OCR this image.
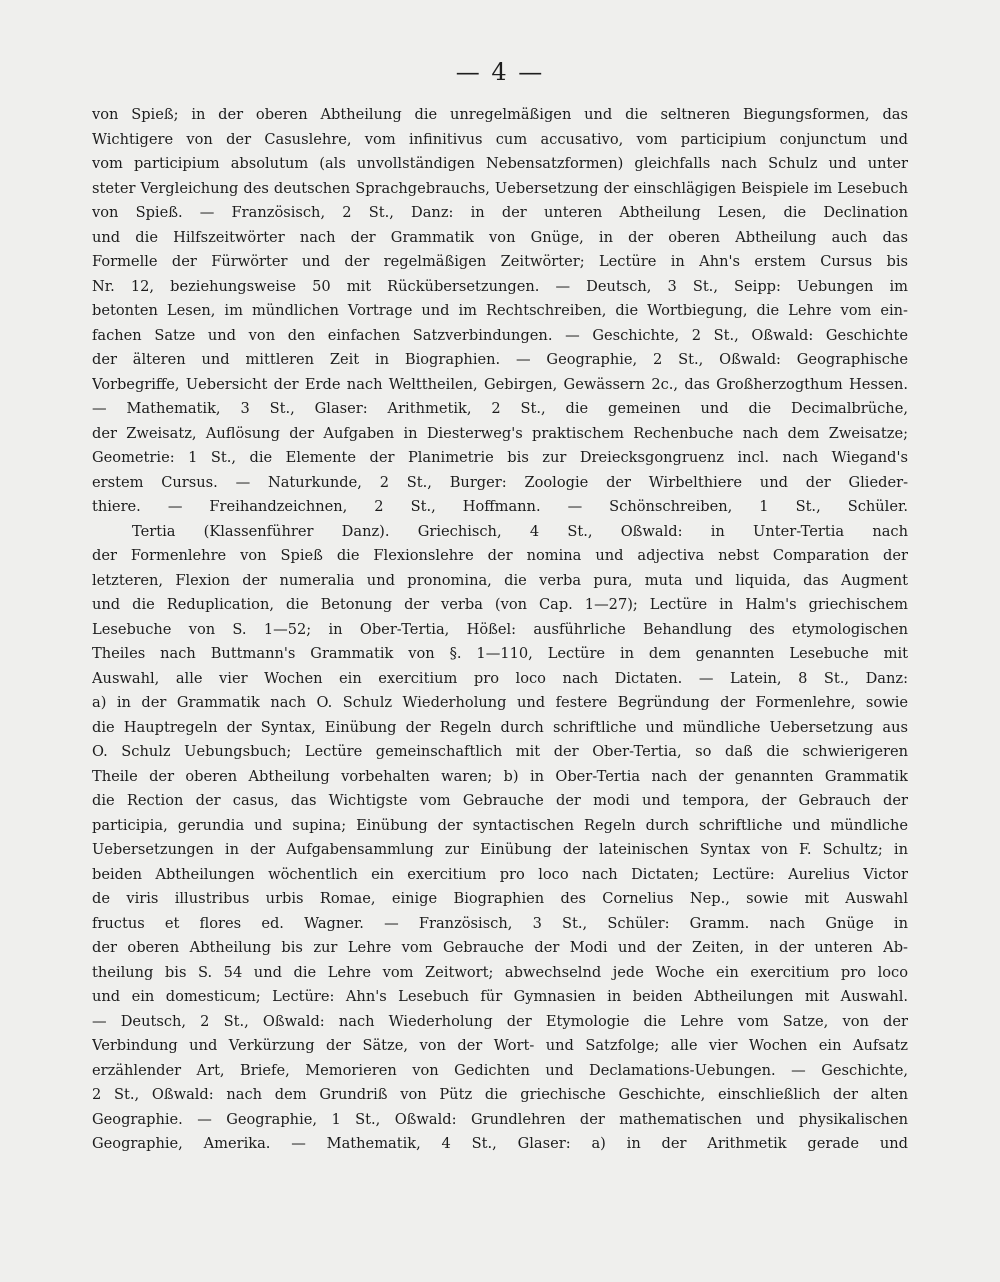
— 4 —
von Spieß; in der oberen Abtheilung die unregelmäßigen und die seltneren Biegungsformen, das
Wichtigere von der Casuslehre, vom infinitivus cum accusativo, vom participium conjunctum und
vom participium absolutum (als unvollständigen Nebensatzformen) gleichfalls nach Schulz und unter
steter Vergleichung des deutschen Sprachgebrauchs, Uebersetzung der einschlägigen Beispiele im Lesebuch
von Spieß. — Französisch, 2 St., Danz: in der unteren Abtheilung Lesen, die Declination
und die Hilfszeitwörter nach der Grammatik von Gnüge, in der oberen Abtheilung auch das
Formelle der Fürwörter und der regelmäßigen Zeitwörter; Lectüre in Ahn's erstem Cursus bis
Nr. 12, beziehungsweise 50 mit Rückübersetzungen. — Deutsch, 3 St., Seipp: Uebungen im
betonten Lesen, im mündlichen Vortrage und im Rechtschreiben, die Wortbiegung, die Lehre vom ein-
fachen Satze und von den einfachen Satzverbindungen. — Geschichte, 2 St., Oßwald: Geschichte
der älteren und mittleren Zeit in Biographien. — Geographie, 2 St., Oßwald: Geographische
Vorbegriffe, Uebersicht der Erde nach Welttheilen, Gebirgen, Gewässern 2c., das Großherzogthum Hessen.
— Mathematik, 3 St., Glaser: Arithmetik, 2 St., die gemeinen und die Decimalbrüche,
der Zweisatz, Auflösung der Aufgaben in Diesterweg's praktischem Rechenbuche nach dem Zweisatze;
Geometrie: 1 St., die Elemente der Planimetrie bis zur Dreiecksgongruenz incl. nach Wiegand's
erstem Cursus. — Naturkunde, 2 St., Burger: Zoologie der Wirbelthiere und der Glieder-
thiere. — Freihandzeichnen, 2 St., Hoffmann. — Schönschreiben, 1 St., Schüler.
Tertia (Klassenführer Danz). Griechisch, 4 St., Oßwald: in Unter-Tertia nach
der Formenlehre von Spieß die Flexionslehre der nomina und adjectiva nebst Comparation der
letzteren, Flexion der numeralia und pronomina, die verba pura, muta und liquida, das Augment
und die Reduplication, die Betonung der verba (von Cap. 1—27); Lectüre in Halm's griechischem
Lesebuche von S. 1—52; in Ober-Tertia, Hößel: ausführliche Behandlung des etymologischen
Theiles nach Buttmann's Grammatik von §. 1—110, Lectüre in dem genannten Lesebuche mit
Auswahl, alle vier Wochen ein exercitium pro loco nach Dictaten. — Latein, 8 St., Danz:
a) in der Grammatik nach O. Schulz Wiederholung und festere Begründung der Formenlehre, sowie
die Hauptregeln der Syntax, Einübung der Regeln durch schriftliche und mündliche Uebersetzung aus
O. Schulz Uebungsbuch; Lectüre gemeinschaftlich mit der Ober-Tertia, so daß die schwierigeren
Theile der oberen Abtheilung vorbehalten waren; b) in Ober-Tertia nach der genannten Grammatik
die Rection der casus, das Wichtigste vom Gebrauche der modi und tempora, der Gebrauch der
participia, gerundia und supina; Einübung der syntactischen Regeln durch schriftliche und mündliche
Uebersetzungen in der Aufgabensammlung zur Einübung der lateinischen Syntax von F. Schultz; in
beiden Abtheilungen wöchentlich ein exercitium pro loco nach Dictaten; Lectüre: Aurelius Victor
de viris illustribus urbis Romae, einige Biographien des Cornelius Nep., sowie mit Auswahl
fructus et flores ed. Wagner. — Französisch, 3 St., Schüler: Gramm. nach Gnüge in
der oberen Abtheilung bis zur Lehre vom Gebrauche der Modi und der Zeiten, in der unteren Ab-
theilung bis S. 54 und die Lehre vom Zeitwort; abwechselnd jede Woche ein exercitium pro loco
und ein domesticum; Lectüre: Ahn's Lesebuch für Gymnasien in beiden Abtheilungen mit Auswahl.
— Deutsch, 2 St., Oßwald: nach Wiederholung der Etymologie die Lehre vom Satze, von der
Verbindung und Verkürzung der Sätze, von der Wort- und Satzfolge; alle vier Wochen ein Aufsatz
erzählender Art, Briefe, Memorieren von Gedichten und Declamations-Uebungen. — Geschichte,
2 St., Oßwald: nach dem Grundriß von Pütz die griechische Geschichte, einschließlich der alten
Geographie. — Geographie, 1 St., Oßwald: Grundlehren der mathematischen und physikalischen
Geographie, Amerika. — Mathematik, 4 St., Glaser: a) in der Arithmetik gerade und
